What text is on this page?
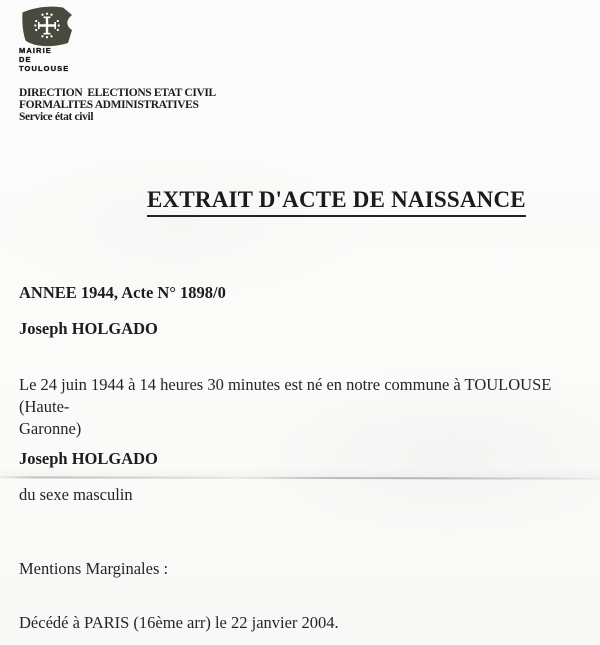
MAIRIE
DE
TOULOUSE
DIRECTION  ELECTIONS ETAT CIVIL
FORMALITES ADMINISTRATIVES
Service état civil
EXTRAIT D'ACTE DE NAISSANCE
ANNEE 1944, Acte N° 1898/0
Joseph HOLGADO
Le 24 juin 1944 à 14 heures 30 minutes est né en notre commune à TOULOUSE (Haute-
Garonne)
Joseph HOLGADO
du sexe masculin
Mentions Marginales :
Décédé à PARIS (16ème arr) le 22 janvier 2004.
